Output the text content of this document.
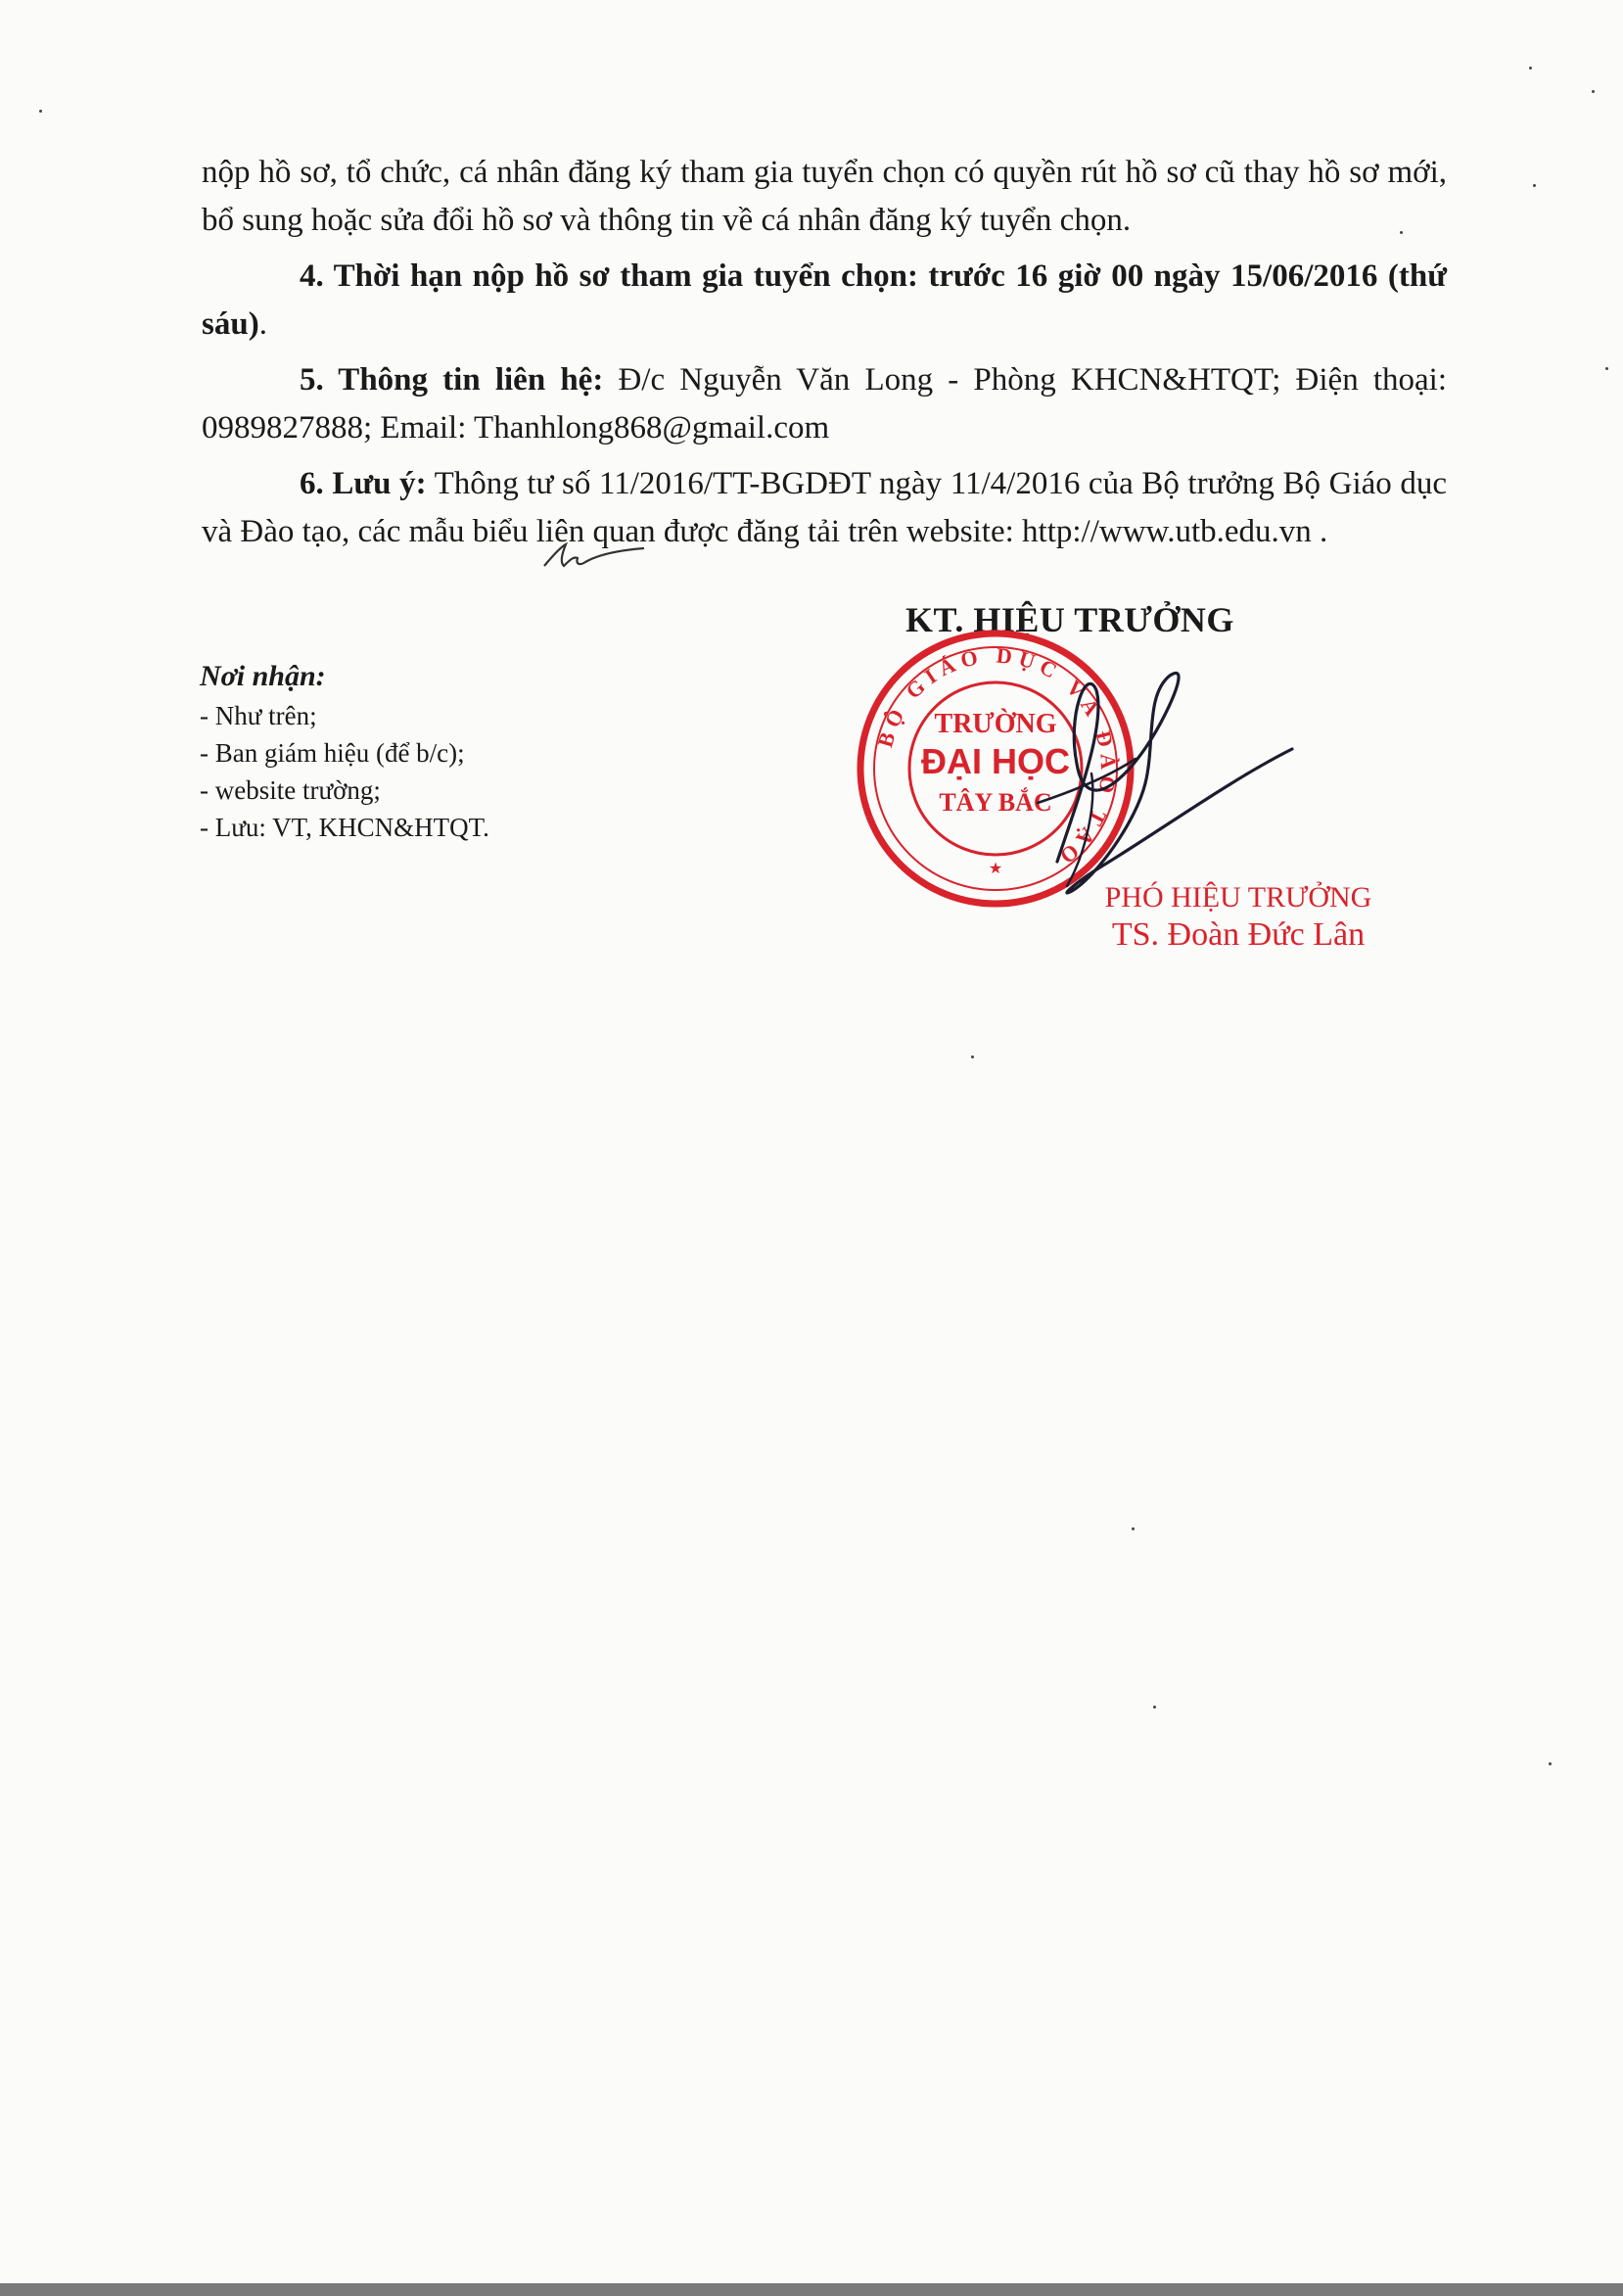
nộp hồ sơ, tổ chức, cá nhân đăng ký tham gia tuyển chọn có quyền rút hồ sơ cũ thay hồ sơ mới, bổ sung hoặc sửa đổi hồ sơ và thông tin về cá nhân đăng ký tuyển chọn.

4. Thời hạn nộp hồ sơ tham gia tuyển chọn: trước 16 giờ 00 ngày 15/06/2016 (thứ sáu).

5. Thông tin liên hệ: Đ/c Nguyễn Văn Long - Phòng KHCN&HTQT; Điện thoại: 0989827888; Email: Thanhlong868@gmail.com

6. Lưu ý: Thông tư số 11/2016/TT-BGDĐT ngày 11/4/2016 của Bộ trưởng Bộ Giáo dục và Đào tạo, các mẫu biểu liên quan được đăng tải trên website: http://www.utb.edu.vn .

KT. HIỆU TRƯỞNG
Nơi nhận:
- Như trên;
- Ban giám hiệu (để b/c);
- website trường;
- Lưu: VT, KHCN&HTQT.
BỘ GIÁO DỤC VÀ ĐÀO TẠO
TRƯỜNG
ĐẠI HỌC
TÂY BẮC
★
PHÓ HIỆU TRƯỞNG
TS. Đoàn Đức Lân
